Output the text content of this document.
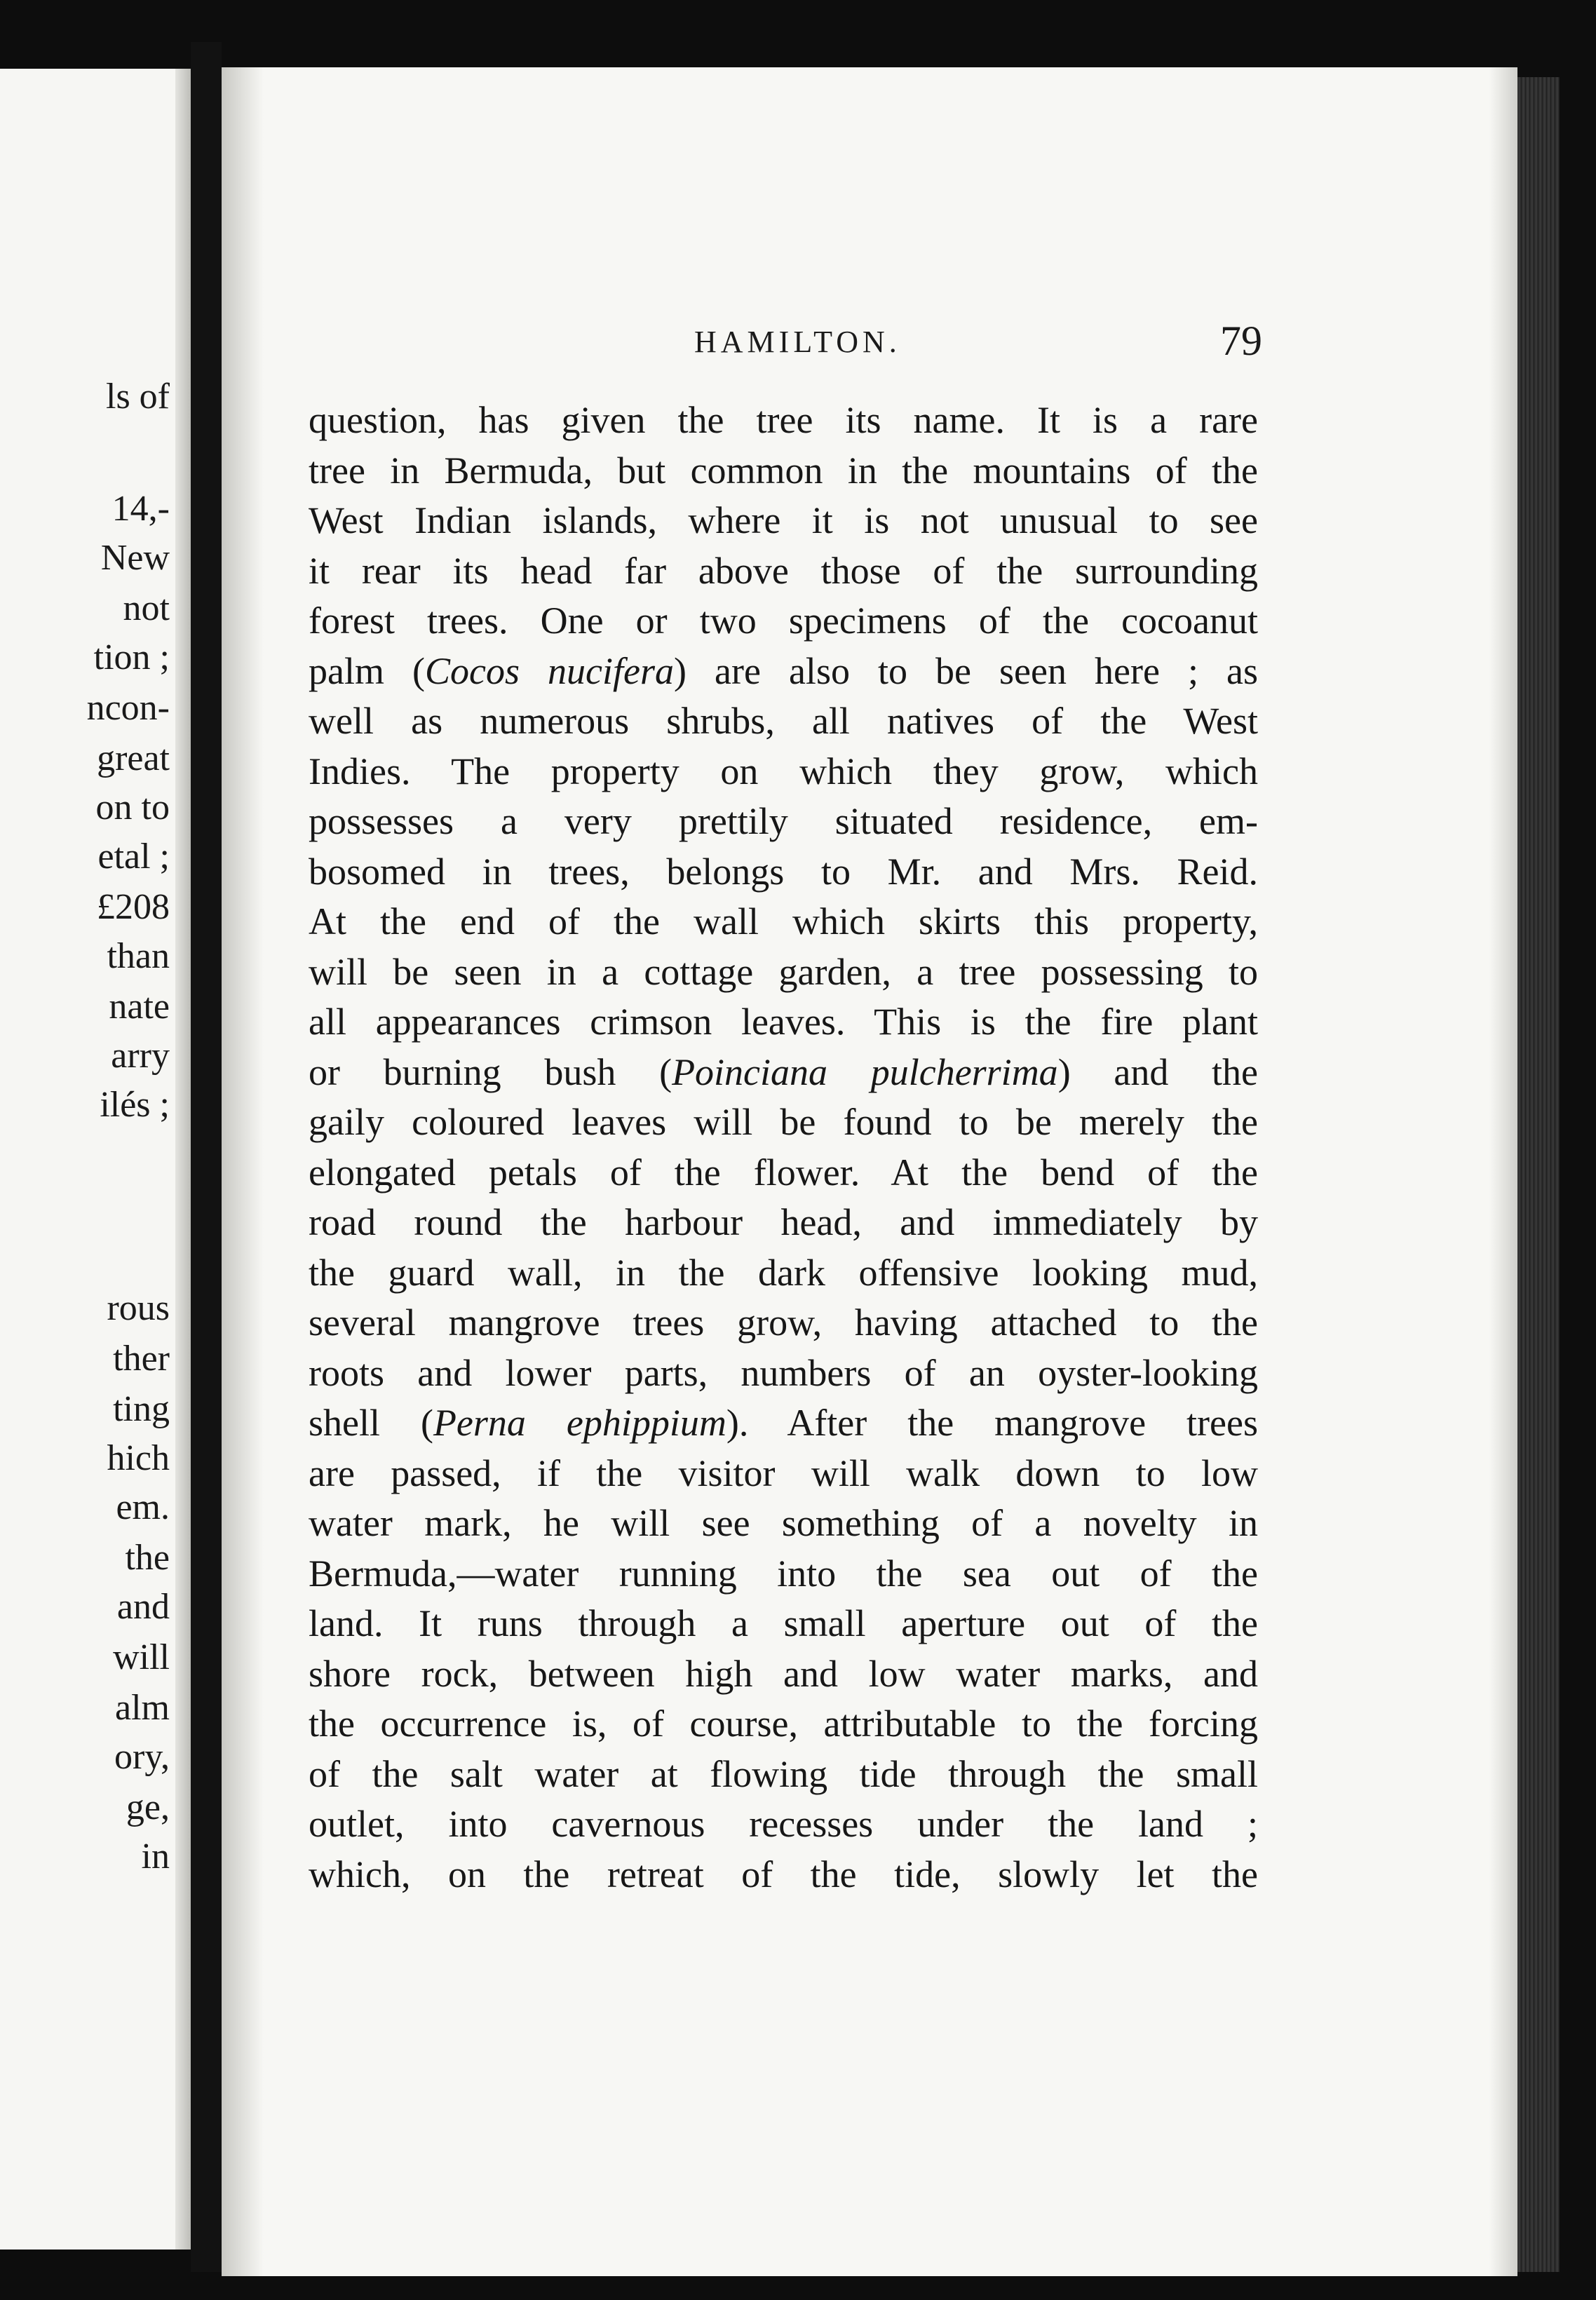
ls of
14,-
New
not
tion ;
ncon-
great
on to
etal ;
£208
than
nate
arry
ilés ;
rous
ther
ting
hich
em.
the
and
will
alm
ory,
ge,
in
HAMILTON.	79
question, has given the tree its name. It is a rare
tree in Bermuda, but common in the mountains of the
West Indian islands, where it is not unusual to see
it rear its head far above those of the surrounding
forest trees. One or two specimens of the cocoanut
palm (Cocos nucifera) are also to be seen here ; as
well as numerous shrubs, all natives of the West
Indies. The property on which they grow, which
possesses a very prettily situated residence, em-
bosomed in trees, belongs to Mr. and Mrs. Reid.
At the end of the wall which skirts this property,
will be seen in a cottage garden, a tree possessing to
all appearances crimson leaves. This is the fire plant
or burning bush (Poinciana pulcherrima) and the
gaily coloured leaves will be found to be merely the
elongated petals of the flower. At the bend of the
road round the harbour head, and immediately by
the guard wall, in the dark offensive looking mud,
several mangrove trees grow, having attached to the
roots and lower parts, numbers of an oyster-looking
shell (Perna ephippium). After the mangrove trees
are passed, if the visitor will walk down to low
water mark, he will see something of a novelty in
Bermuda,—water running into the sea out of the
land. It runs through a small aperture out of the
shore rock, between high and low water marks, and
the occurrence is, of course, attributable to the forcing
of the salt water at flowing tide through the small
outlet, into cavernous recesses under the land ;
which, on the retreat of the tide, slowly let the
